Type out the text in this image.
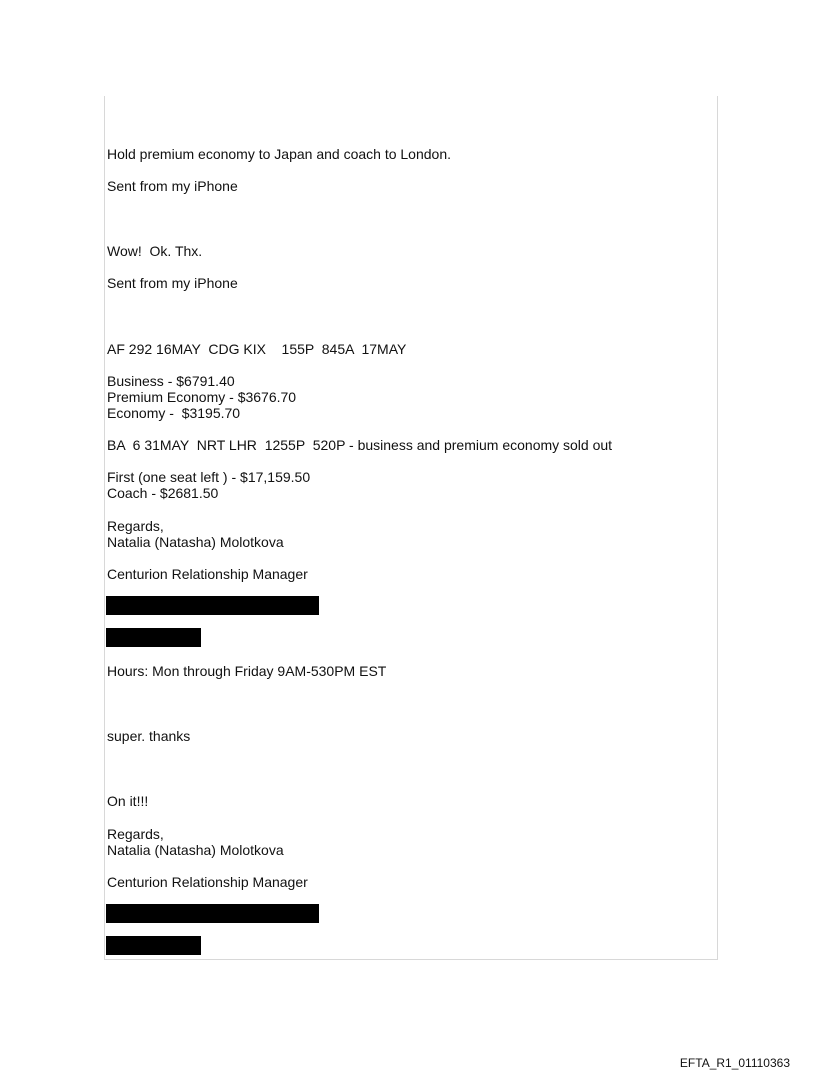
Hold premium economy to Japan and coach to London.
Sent from my iPhone
Wow!  Ok. Thx.
Sent from my iPhone
AF 292 16MAY  CDG KIX    155P  845A  17MAY
Business - $6791.40
Premium Economy - $3676.70
Economy -  $3195.70
BA  6 31MAY  NRT LHR  1255P  520P - business and premium economy sold out
First (one seat left ) - $17,159.50
Coach - $2681.50
Regards,
Natalia (Natasha) Molotkova
Centurion Relationship Manager
Hours: Mon through Friday 9AM-530PM EST
super. thanks
On it!!!
Regards,
Natalia (Natasha) Molotkova
Centurion Relationship Manager
EFTA_R1_01110363
